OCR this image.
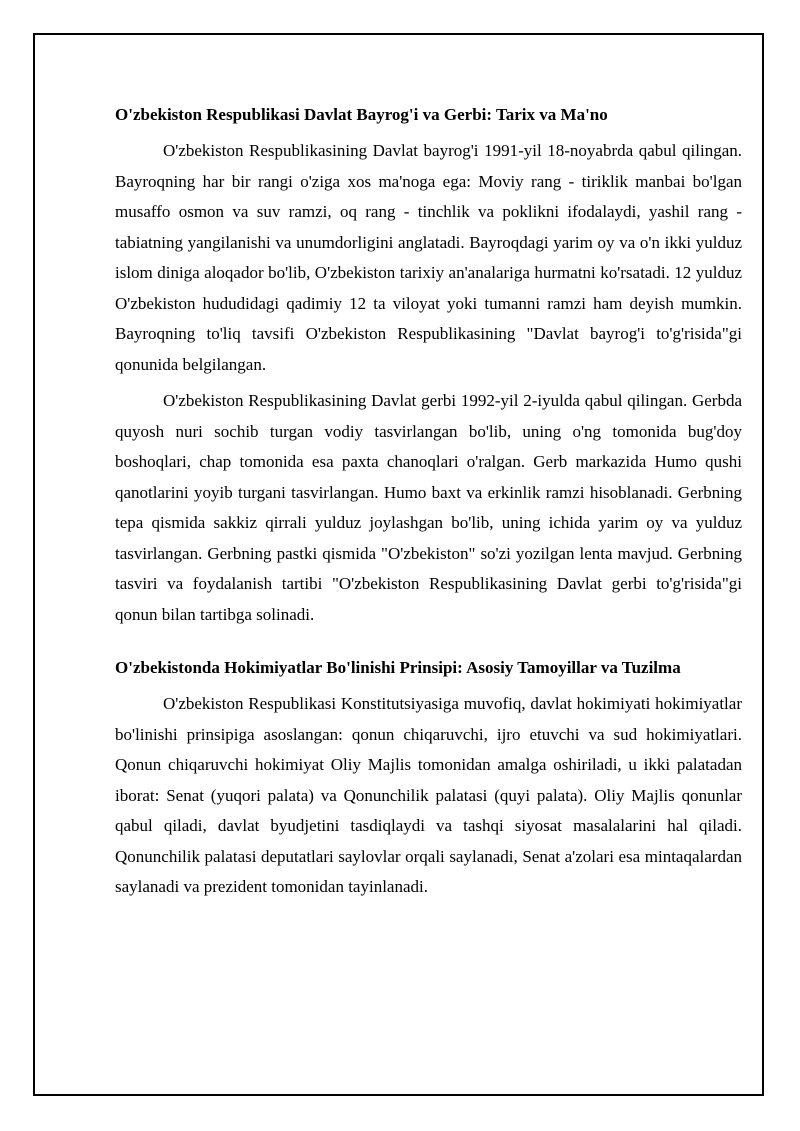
O'zbekiston Respublikasi Davlat Bayrog'i va Gerbi: Tarix va Ma'no

O'zbekiston Respublikasining Davlat bayrog'i 1991-yil 18-noyabrda qabul qilingan. Bayroqning har bir rangi o'ziga xos ma'noga ega: Moviy rang - tiriklik manbai bo'lgan musaffo osmon va suv ramzi, oq rang - tinchlik va poklikni ifodalaydi, yashil rang - tabiatning yangilanishi va unumdorligini anglatadi. Bayroqdagi yarim oy va o'n ikki yulduz islom diniga aloqador bo'lib, O'zbekiston tarixiy an'analariga hurmatni ko'rsatadi. 12 yulduz O'zbekiston hududidagi qadimiy 12 ta viloyat yoki tumanni ramzi ham deyish mumkin. Bayroqning to'liq tavsifi O'zbekiston Respublikasining "Davlat bayrog'i to'g'risida"gi qonunida belgilangan.

O'zbekiston Respublikasining Davlat gerbi 1992-yil 2-iyulda qabul qilingan. Gerbda quyosh nuri sochib turgan vodiy tasvirlangan bo'lib, uning o'ng tomonida bug'doy boshoqlari, chap tomonida esa paxta chanoqlari o'ralgan. Gerb markazida Humo qushi qanotlarini yoyib turgani tasvirlangan. Humo baxt va erkinlik ramzi hisoblanadi. Gerbning tepa qismida sakkiz qirrali yulduz joylashgan bo'lib, uning ichida yarim oy va yulduz tasvirlangan. Gerbning pastki qismida "O'zbekiston" so'zi yozilgan lenta mavjud. Gerbning tasviri va foydalanish tartibi "O'zbekiston Respublikasining Davlat gerbi to'g'risida"gi qonun bilan tartibga solinadi.

O'zbekistonda Hokimiyatlar Bo'linishi Prinsipi: Asosiy Tamoyillar va Tuzilma

O'zbekiston Respublikasi Konstitutsiyasiga muvofiq, davlat hokimiyati hokimiyatlar bo'linishi prinsipiga asoslangan: qonun chiqaruvchi, ijro etuvchi va sud hokimiyatlari. Qonun chiqaruvchi hokimiyat Oliy Majlis tomonidan amalga oshiriladi, u ikki palatadan iborat: Senat (yuqori palata) va Qonunchilik palatasi (quyi palata). Oliy Majlis qonunlar qabul qiladi, davlat byudjetini tasdiqlaydi va tashqi siyosat masalalarini hal qiladi. Qonunchilik palatasi deputatlari saylovlar orqali saylanadi, Senat a'zolari esa mintaqalardan saylanadi va prezident tomonidan tayinlanadi.
